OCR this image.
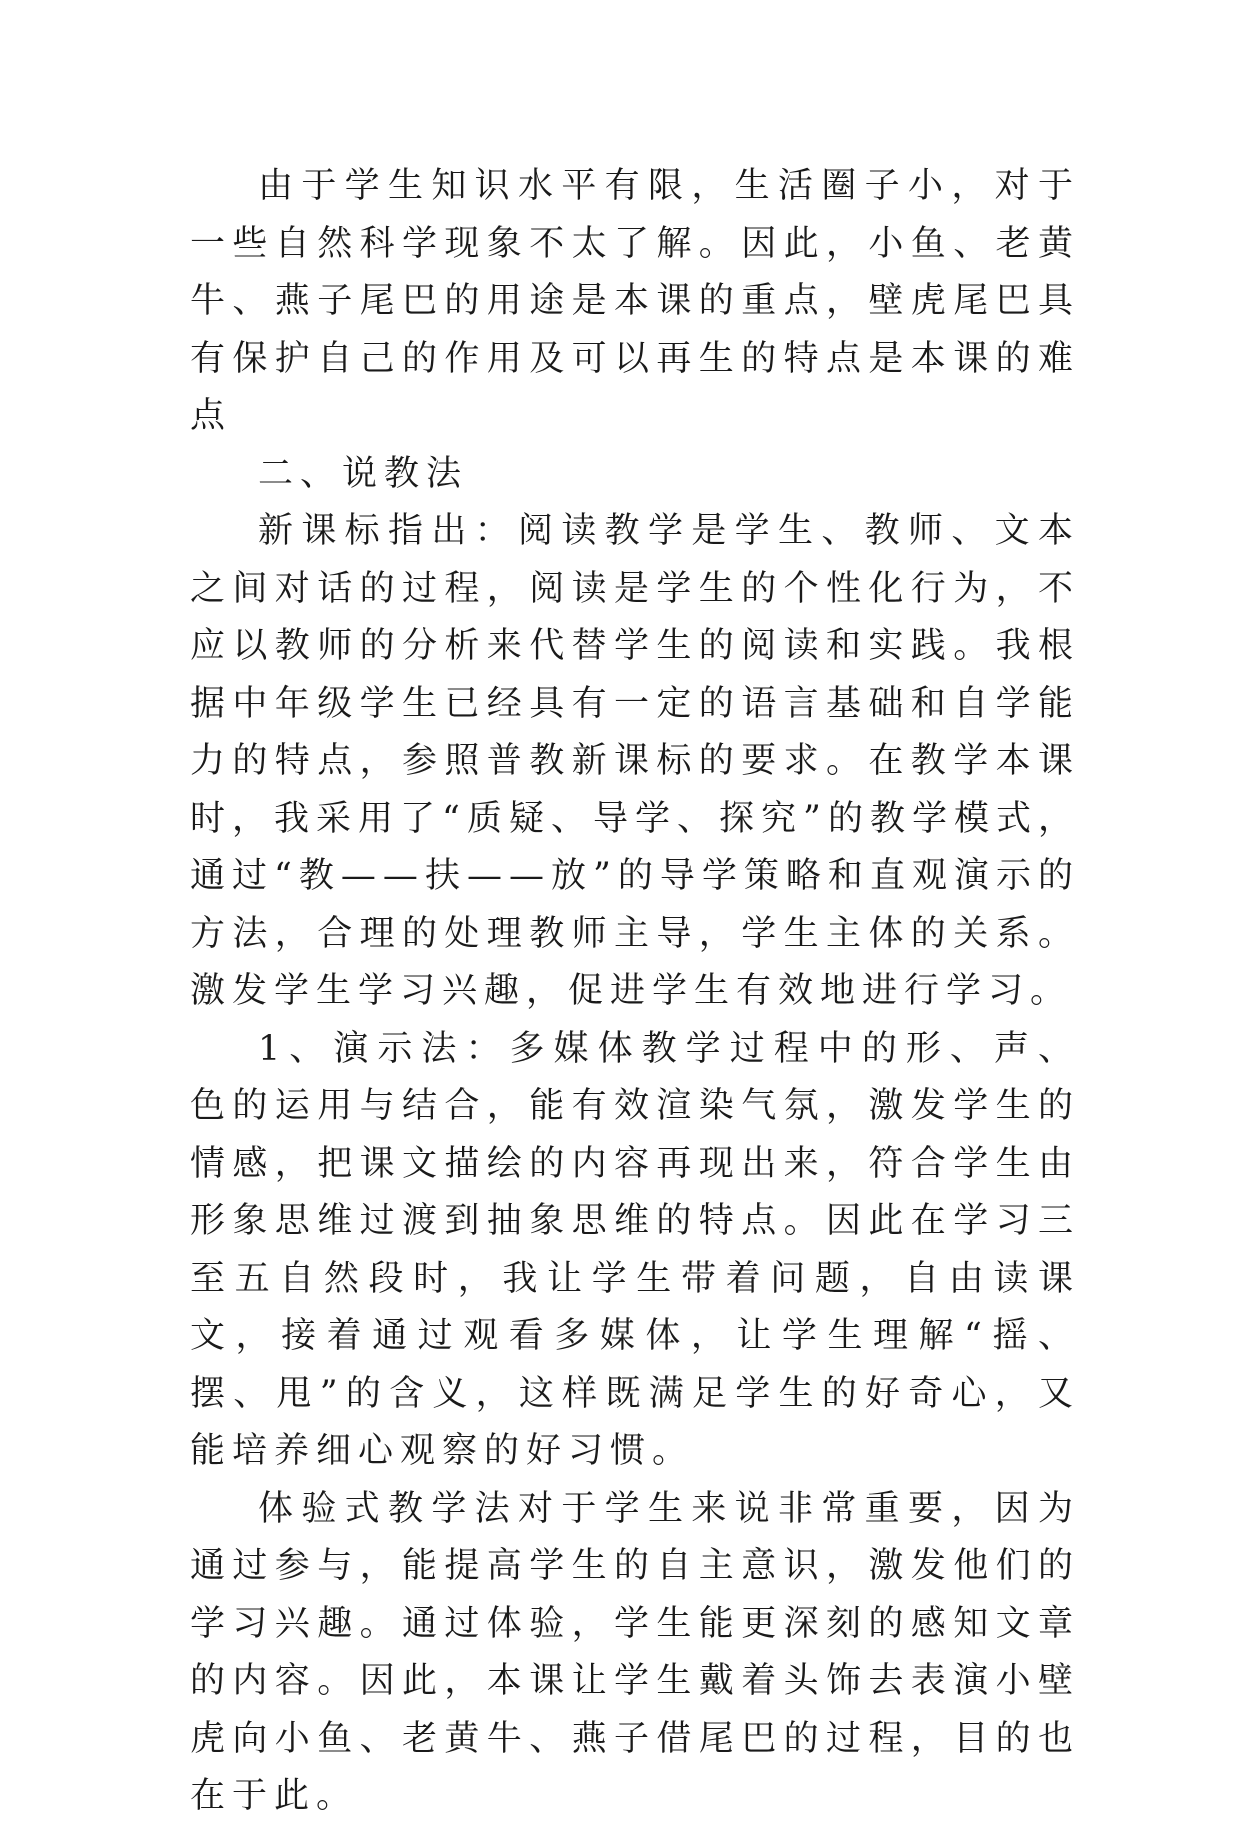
由于学生知识水平有限，生活圈子小，对于一些自然科学现象不太了解。因此，小鱼、老黄牛、燕子尾巴的用途是本课的重点，壁虎尾巴具有保护自己的作用及可以再生的特点是本课的难点

二、说教法

新课标指出：阅读教学是学生、教师、文本之间对话的过程，阅读是学生的个性化行为，不应以教师的分析来代替学生的阅读和实践。我根据中年级学生已经具有一定的语言基础和自学能力的特点，参照普教新课标的要求。在教学本课时，我采用了“质疑、导学、探究”的教学模式，通过“教——扶——放”的导学策略和直观演示的方法，合理的处理教师主导，学生主体的关系。激发学生学习兴趣，促进学生有效地进行学习。

1、演示法：多媒体教学过程中的形、声、色的运用与结合，能有效渲染气氛，激发学生的情感，把课文描绘的内容再现出来，符合学生由形象思维过渡到抽象思维的特点。因此在学习三至五自然段时，我让学生带着问题，自由读课文，接着通过观看多媒体，让学生理解“摇、摆、甩”的含义，这样既满足学生的好奇心，又能培养细心观察的好习惯。

体验式教学法对于学生来说非常重要，因为通过参与，能提高学生的自主意识，激发他们的学习兴趣。通过体验，学生能更深刻的感知文章的内容。因此，本课让学生戴着头饰去表演小壁虎向小鱼、老黄牛、燕子借尾巴的过程，目的也在于此。
